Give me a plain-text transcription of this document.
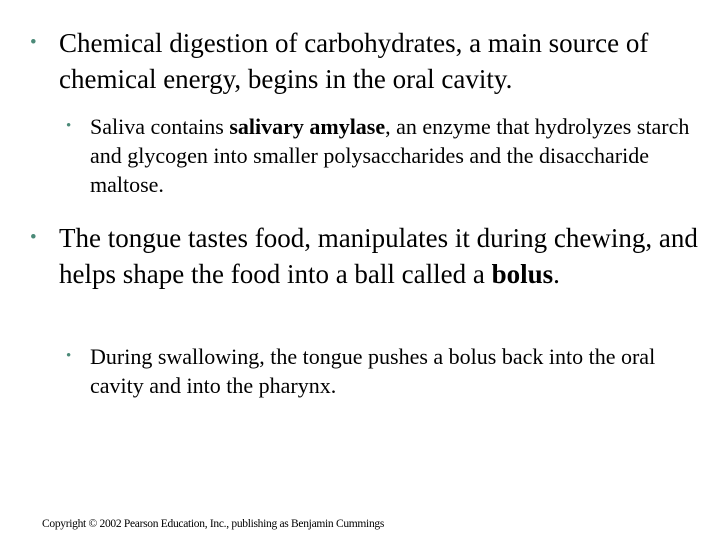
• Chemical digestion of carbohydrates, a main source of chemical energy, begins in the oral cavity.
• Saliva contains salivary amylase, an enzyme that hydrolyzes starch and glycogen into smaller polysaccharides and the disaccharide maltose.
• The tongue tastes food, manipulates it during chewing, and helps shape the food into a ball called a bolus.
• During swallowing, the tongue pushes a bolus back into the oral cavity and into the pharynx.
Copyright © 2002 Pearson Education, Inc., publishing as Benjamin Cummings
